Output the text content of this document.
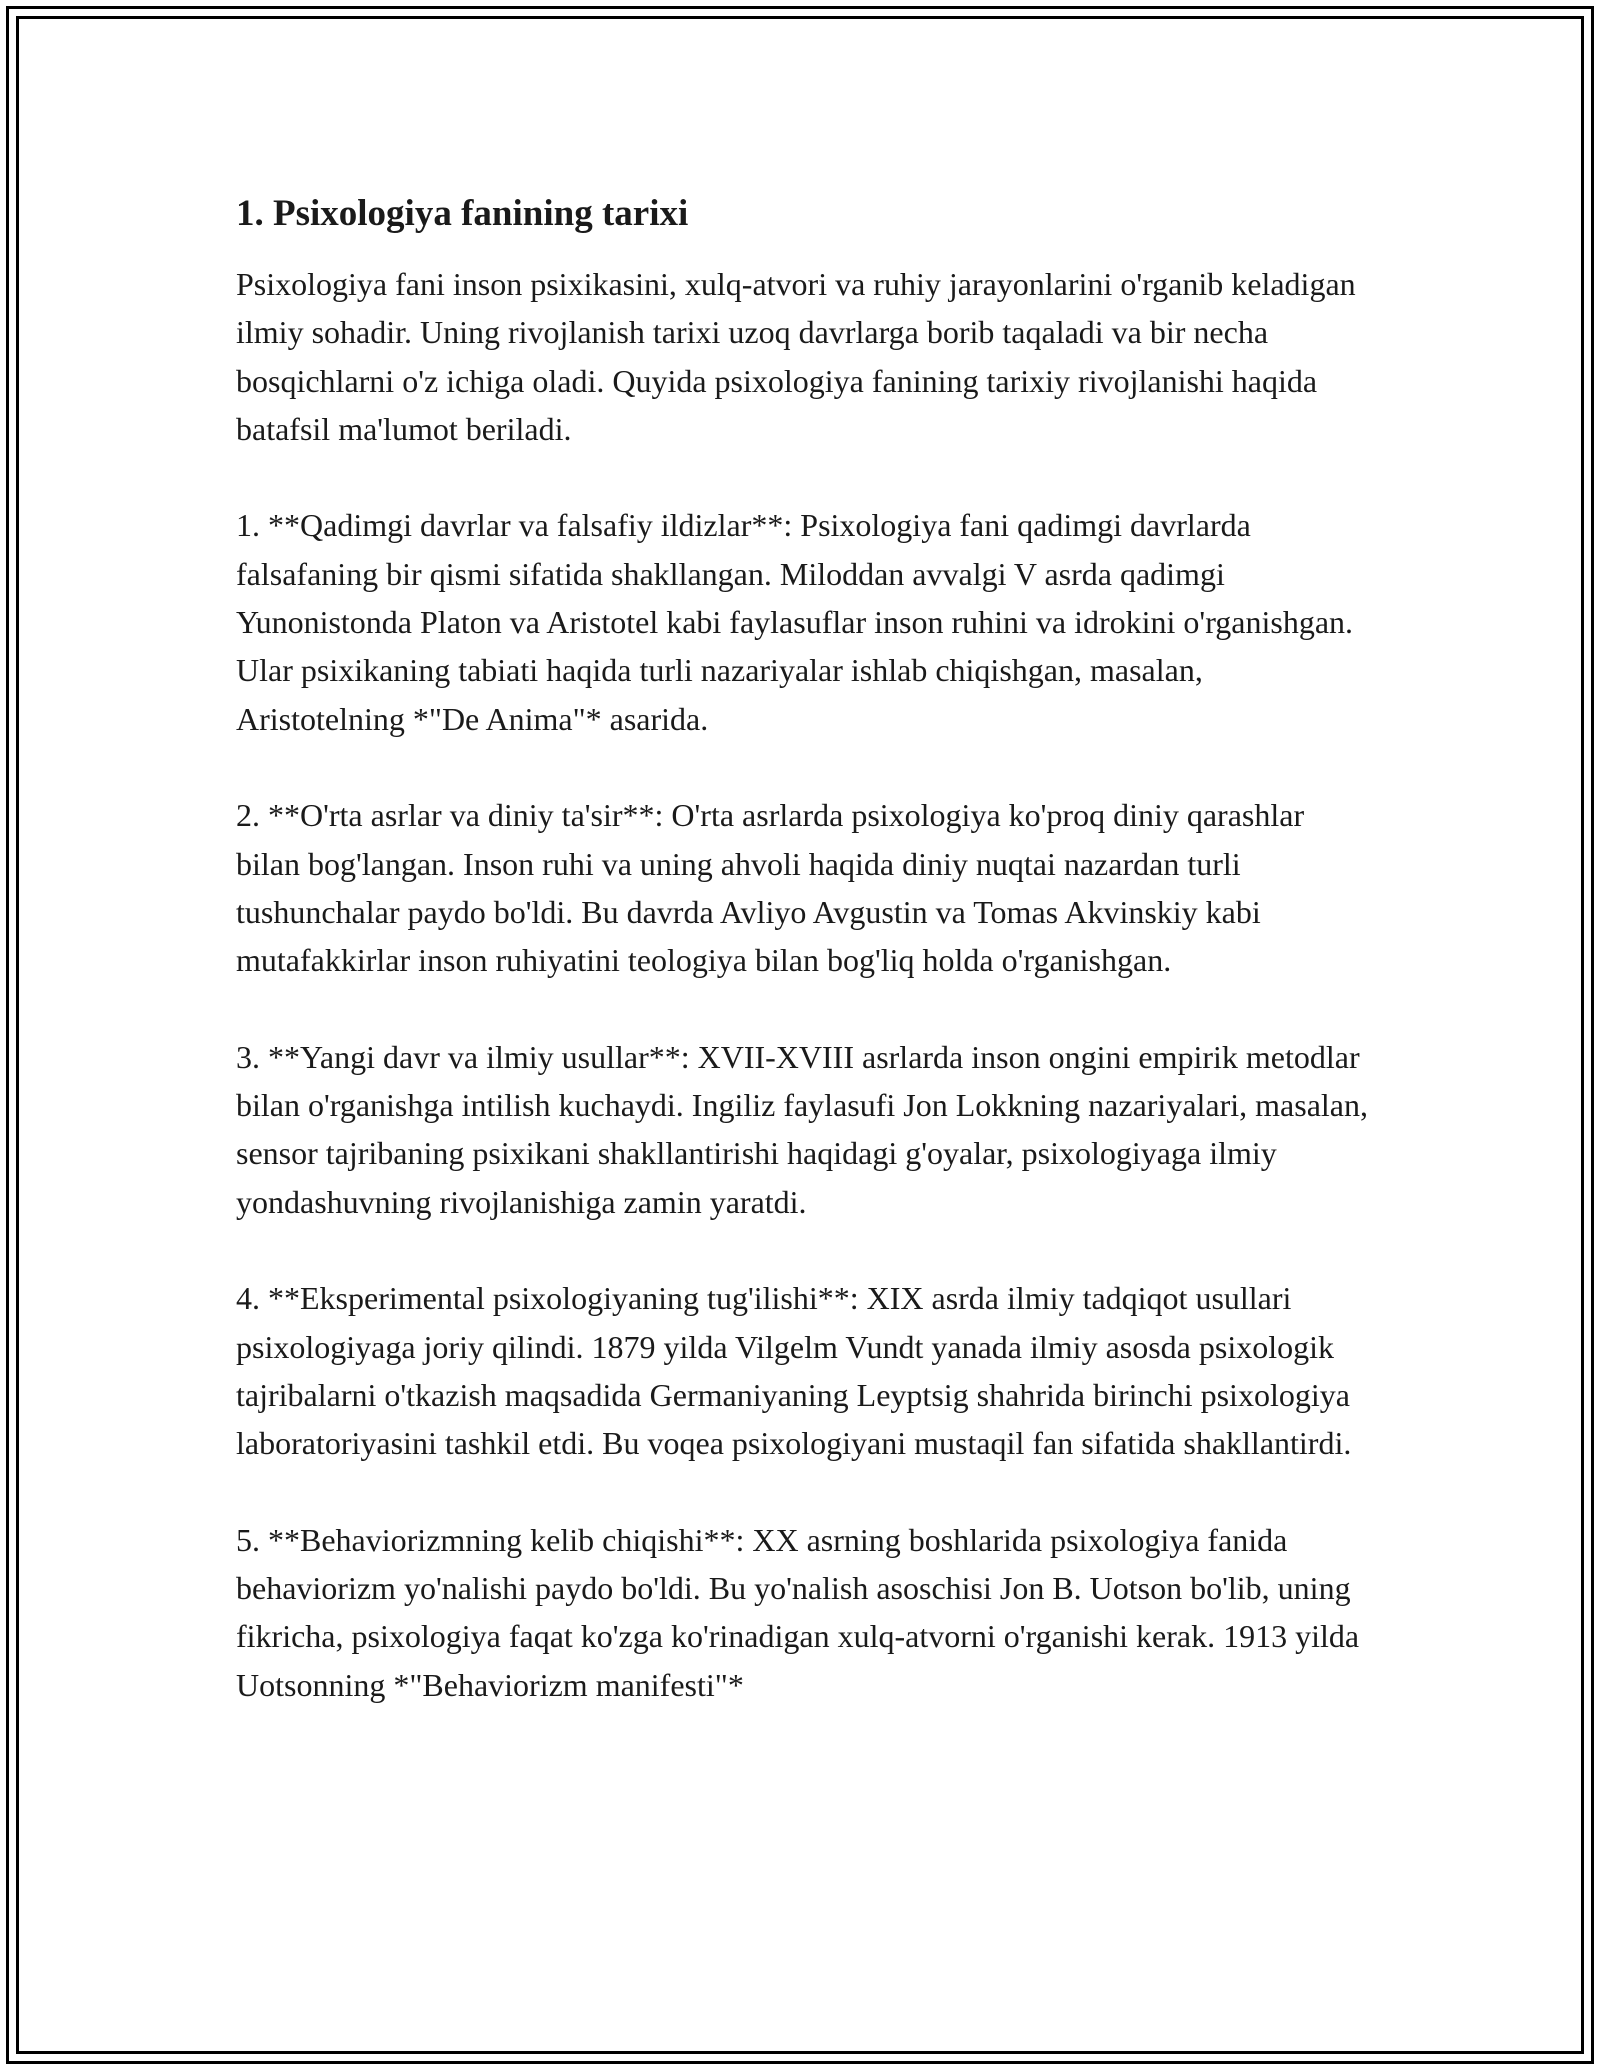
1. Psixologiya fanining tarixi

Psixologiya fani inson psixikasini, xulq-atvori va ruhiy jarayonlarini o'rganib keladigan ilmiy sohadir. Uning rivojlanish tarixi uzoq davrlarga borib taqaladi va bir necha bosqichlarni o'z ichiga oladi. Quyida psixologiya fanining tarixiy rivojlanishi haqida batafsil ma'lumot beriladi.

1. **Qadimgi davrlar va falsafiy ildizlar**: Psixologiya fani qadimgi davrlarda falsafaning bir qismi sifatida shakllangan. Miloddan avvalgi V asrda qadimgi Yunonistonda Platon va Aristotel kabi faylasuflar inson ruhini va idrokini o'rganishgan. Ular psixikaning tabiati haqida turli nazariyalar ishlab chiqishgan, masalan, Aristotelning *"De Anima"* asarida.

2. **O'rta asrlar va diniy ta'sir**: O'rta asrlarda psixologiya ko'proq diniy qarashlar bilan bog'langan. Inson ruhi va uning ahvoli haqida diniy nuqtai nazardan turli tushunchalar paydo bo'ldi. Bu davrda Avliyo Avgustin va Tomas Akvinskiy kabi mutafakkirlar inson ruhiyatini teologiya bilan bog'liq holda o'rganishgan.

3. **Yangi davr va ilmiy usullar**: XVII-XVIII asrlarda inson ongini empirik metodlar bilan o'rganishga intilish kuchaydi. Ingiliz faylasufi Jon Lokkning nazariyalari, masalan, sensor tajribaning psixikani shakllantirishi haqidagi g'oyalar, psixologiyaga ilmiy yondashuvning rivojlanishiga zamin yaratdi.

4. **Eksperimental psixologiyaning tug'ilishi**: XIX asrda ilmiy tadqiqot usullari psixologiyaga joriy qilindi. 1879 yilda Vilgelm Vundt yanada ilmiy asosda psixologik tajribalarni o'tkazish maqsadida Germaniyaning Leyptsig shahrida birinchi psixologiya laboratoriyasini tashkil etdi. Bu voqea psixologiyani mustaqil fan sifatida shakllantirdi.

5. **Behaviorizmning kelib chiqishi**: XX asrning boshlarida psixologiya fanida behaviorizm yo'nalishi paydo bo'ldi. Bu yo'nalish asoschisi Jon B. Uotson bo'lib, uning fikricha, psixologiya faqat ko'zga ko'rinadigan xulq-atvorni o'rganishi kerak. 1913 yilda Uotsonning *"Behaviorizm manifesti"*
